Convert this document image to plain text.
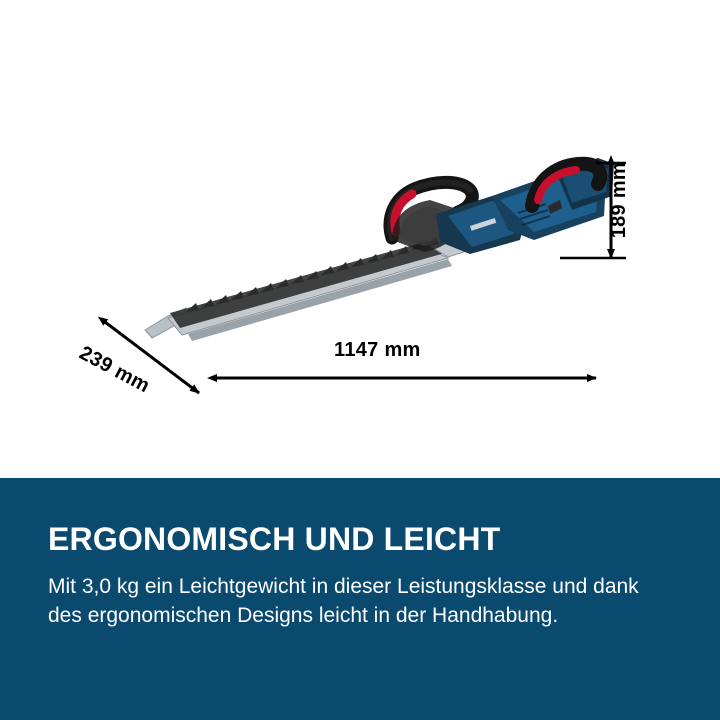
1147 mm
189 mm
239 mm
ERGONOMISCH UND LEICHT

Mit 3,0 kg ein Leichtgewicht in dieser Leistungsklasse und dank des ergonomischen Designs leicht in der Handhabung.
